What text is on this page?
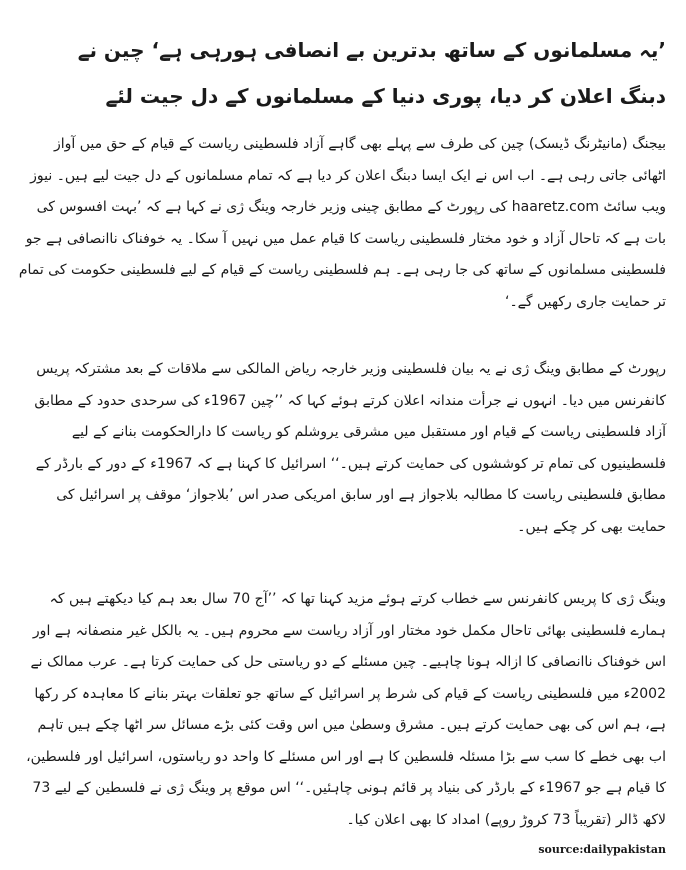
’یہ مسلمانوں کے ساتھ بدترین بے انصافی ہورہی ہے‘ چین نے دبنگ اعلان کر دیا، پوری دنیا کے مسلمانوں کے دل جیت لئے

بیجنگ (مانیٹرنگ ڈیسک) چین کی طرف سے پہلے بھی گاہے آزاد فلسطینی ریاست کے قیام کے حق میں آواز اٹھائی جاتی رہی ہے۔ اب اس نے ایک ایسا دبنگ اعلان کر دیا ہے کہ تمام مسلمانوں کے دل جیت لیے ہیں۔ نیوز ویب سائٹ haaretz.com کی رپورٹ کے مطابق چینی وزیر خارجہ وینگ ژی نے کہا ہے کہ ’بہت افسوس کی بات ہے کہ تاحال آزاد و خود مختار فلسطینی ریاست کا قیام عمل میں نہیں آ سکا۔ یہ خوفناک ناانصافی ہے جو فلسطینی مسلمانوں کے ساتھ کی جا رہی ہے۔ ہم فلسطینی ریاست کے قیام کے لیے فلسطینی حکومت کی تمام تر حمایت جاری رکھیں گے۔‘

رپورٹ کے مطابق وینگ ژی نے یہ بیان فلسطینی وزیر خارجہ ریاض المالکی سے ملاقات کے بعد مشترکہ پریس کانفرنس میں دیا۔ انہوں نے جرأت مندانہ اعلان کرتے ہوئے کہا کہ ’’چین 1967ء کی سرحدی حدود کے مطابق آزاد فلسطینی ریاست کے قیام اور مستقبل میں مشرقی یروشلم کو ریاست کا دارالحکومت بنانے کے لیے فلسطینیوں کی تمام تر کوششوں کی حمایت کرتے ہیں۔‘‘ اسرائیل کا کہنا ہے کہ 1967ء کے دور کے بارڈر کے مطابق فلسطینی ریاست کا مطالبہ بلاجواز ہے اور سابق امریکی صدر اس ’بلاجواز‘ موقف پر اسرائیل کی حمایت بھی کر چکے ہیں۔

وینگ ژی کا پریس کانفرنس سے خطاب کرتے ہوئے مزید کہنا تھا کہ ’’آج 70 سال بعد ہم کیا دیکھتے ہیں کہ ہمارے فلسطینی بھائی تاحال مکمل خود مختار اور آزاد ریاست سے محروم ہیں۔ یہ بالکل غیر منصفانہ ہے اور اس خوفناک ناانصافی کا ازالہ ہونا چاہیے۔ چین مسئلے کے دو ریاستی حل کی حمایت کرتا ہے۔ عرب ممالک نے 2002ء میں فلسطینی ریاست کے قیام کی شرط پر اسرائیل کے ساتھ جو تعلقات بہتر بنانے کا معاہدہ کر رکھا ہے، ہم اس کی بھی حمایت کرتے ہیں۔ مشرق وسطیٰ میں اس وقت کئی بڑے مسائل سر اٹھا چکے ہیں تاہم اب بھی خطے کا سب سے بڑا مسئلہ فلسطین کا ہے اور اس مسئلے کا واحد دو ریاستوں، اسرائیل اور فلسطین، کا قیام ہے جو 1967ء کے بارڈر کی بنیاد پر قائم ہونی چاہئیں۔‘‘ اس موقع پر وینگ ژی نے فلسطین کے لیے 73 لاکھ ڈالر (تقریباً 73 کروڑ روپے) امداد کا بھی اعلان کیا۔

source:dailypakistan
